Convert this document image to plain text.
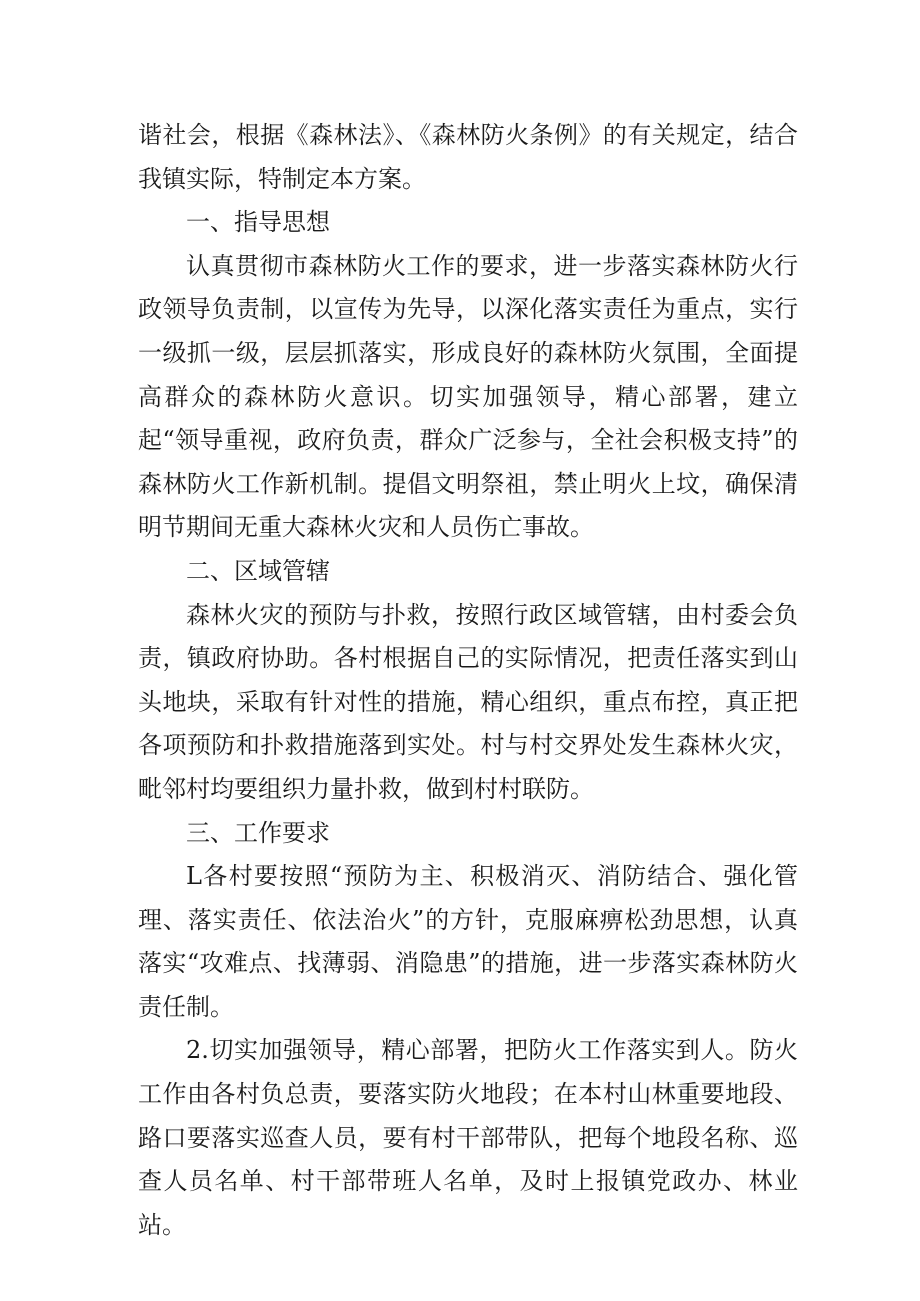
谐社会，根据《森林法》、《森林防火条例》的有关规定，结合我镇实际，特制定本方案。

一、指导思想

认真贯彻市森林防火工作的要求，进一步落实森林防火行政领导负责制，以宣传为先导，以深化落实责任为重点，实行一级抓一级，层层抓落实，形成良好的森林防火氛围，全面提高群众的森林防火意识。切实加强领导，精心部署，建立起“领导重视，政府负责，群众广泛参与，全社会积极支持”的森林防火工作新机制。提倡文明祭祖，禁止明火上坟，确保清明节期间无重大森林火灾和人员伤亡事故。

二、区域管辖

森林火灾的预防与扑救，按照行政区域管辖，由村委会负责，镇政府协助。各村根据自己的实际情况，把责任落实到山头地块，采取有针对性的措施，精心组织，重点布控，真正把各项预防和扑救措施落到实处。村与村交界处发生森林火灾，毗邻村均要组织力量扑救，做到村村联防。

三、工作要求

L各村要按照“预防为主、积极消灭、消防结合、强化管理、落实责任、依法治火”的方针，克服麻痹松劲思想，认真落实“攻难点、找薄弱、消隐患”的措施，进一步落实森林防火责任制。

2.切实加强领导，精心部署，把防火工作落实到人。防火工作由各村负总责，要落实防火地段；在本村山林重要地段、路口要落实巡查人员，要有村干部带队，把每个地段名称、巡查人员名单、村干部带班人名单，及时上报镇党政办、林业站。
